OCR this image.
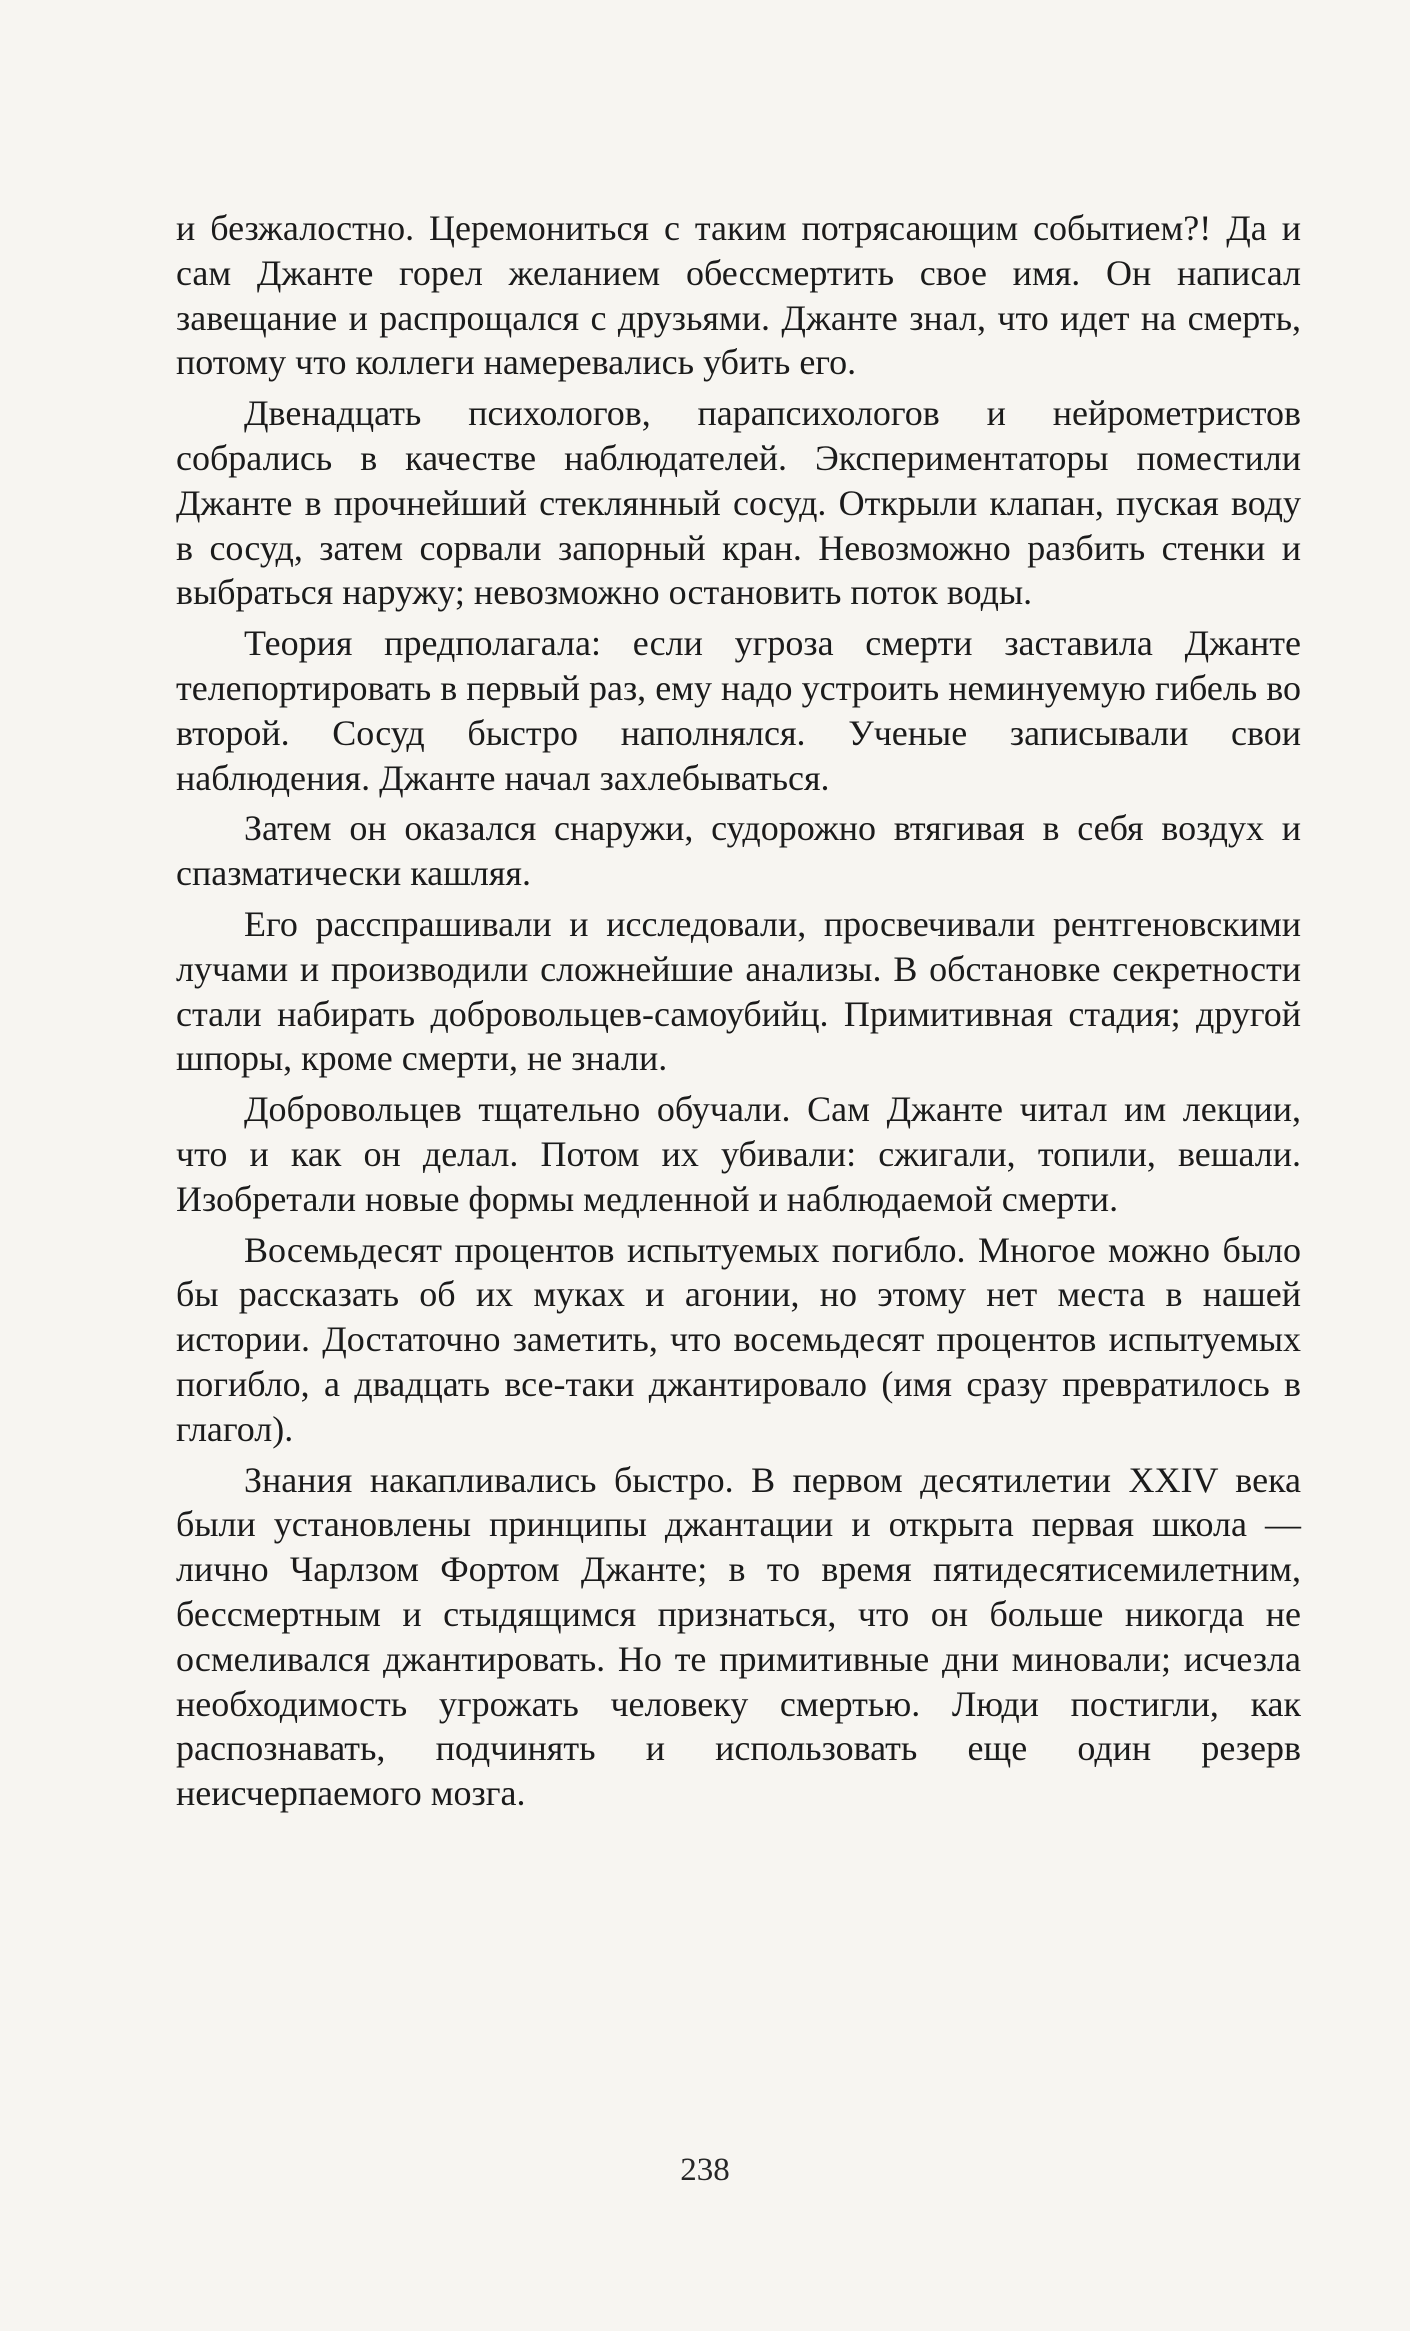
и безжалостно. Церемониться с таким потрясающим событием?! Да и сам Джанте горел желанием обессмертить свое имя. Он написал завещание и распрощался с друзьями. Джанте знал, что идет на смерть, потому что коллеги намеревались убить его.

Двенадцать психологов, парапсихологов и нейрометристов собрались в качестве наблюдателей. Экспериментаторы поместили Джанте в прочнейший стеклянный сосуд. Открыли клапан, пуская воду в сосуд, затем сорвали запорный кран. Невозможно разбить стенки и выбраться наружу; невозможно остановить поток воды.

Теория предполагала: если угроза смерти заставила Джанте телепортировать в первый раз, ему надо устроить неминуемую гибель во второй. Сосуд быстро наполнялся. Ученые записывали свои наблюдения. Джанте начал захлебываться.

Затем он оказался снаружи, судорожно втягивая в себя воздух и спазматически кашляя.

Его расспрашивали и исследовали, просвечивали рентгеновскими лучами и производили сложнейшие анализы. В обстановке секретности стали набирать добровольцев-самоубийц. Примитивная стадия; другой шпоры, кроме смерти, не знали.

Добровольцев тщательно обучали. Сам Джанте читал им лекции, что и как он делал. Потом их убивали: сжигали, топили, вешали. Изобретали новые формы медленной и наблюдаемой смерти.

Восемьдесят процентов испытуемых погибло. Многое можно было бы рассказать об их муках и агонии, но этому нет места в нашей истории. Достаточно заметить, что восемьдесят процентов испытуемых погибло, а двадцать все-таки джантировало (имя сразу превратилось в глагол).

Знания накапливались быстро. В первом десятилетии XXIV века были установлены принципы джантации и открыта первая школа — лично Чарлзом Фортом Джанте; в то время пятидесятисемилетним, бессмертным и стыдящимся признаться, что он больше никогда не осмеливался джантировать. Но те примитивные дни миновали; исчезла необходимость угрожать человеку смертью. Люди постигли, как распознавать, подчинять и использовать еще один резерв неисчерпаемого мозга.

238
